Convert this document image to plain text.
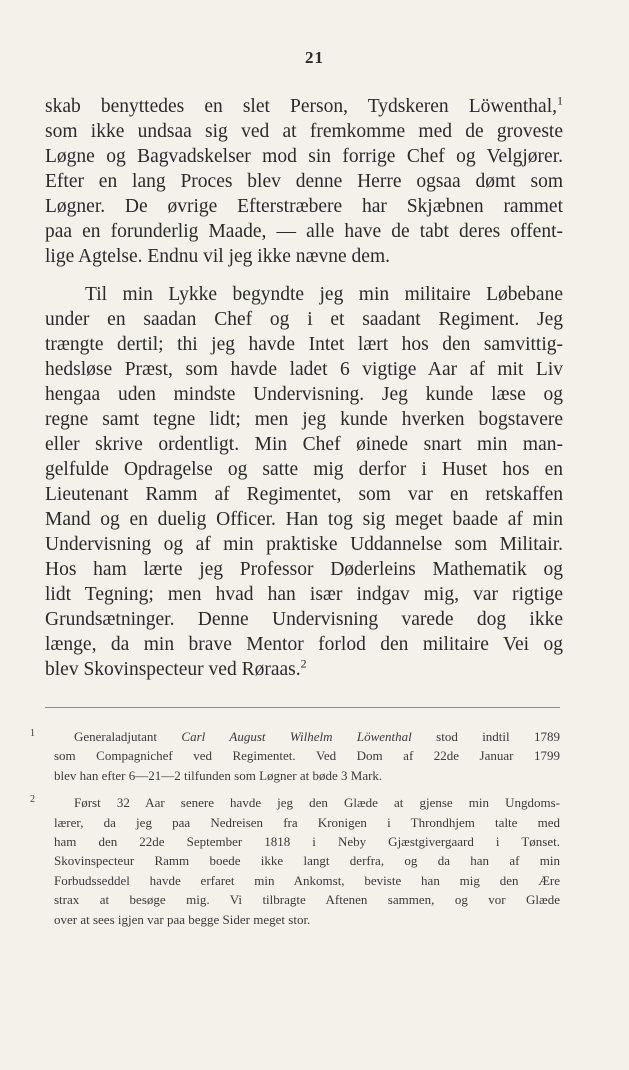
21
skab benyttedes en slet Person, Tydskeren Löwenthal,$^1$
som ikke undsaa sig ved at fremkomme med de groveste
Løgne og Bagvadskelser mod sin forrige Chef og Velgjører.
Efter en lang Proces blev denne Herre ogsaa dømt som
Løgner. De øvrige Efterstræbere har Skjæbnen rammet
paa en forunderlig Maade, — alle have de tabt deres offent-
lige Agtelse. Endnu vil jeg ikke nævne dem.
Til min Lykke begyndte jeg min militaire Løbebane
under en saadan Chef og i et saadant Regiment. Jeg
trængte dertil; thi jeg havde Intet lært hos den samvittig-
hedsløse Præst, som havde ladet 6 vigtige Aar af mit Liv
hengaa uden mindste Undervisning. Jeg kunde læse og
regne samt tegne lidt; men jeg kunde hverken bogstavere
eller skrive ordentligt. Min Chef øinede snart min man-
gelfulde Opdragelse og satte mig derfor i Huset hos en
Lieutenant Ramm af Regimentet, som var en retskaffen
Mand og en duelig Officer. Han tog sig meget baade af min
Undervisning og af min praktiske Uddannelse som Militair.
Hos ham lærte jeg Professor Døderleins Mathematik og
lidt Tegning; men hvad han især indgav mig, var rigtige
Grundsætninger. Denne Undervisning varede dog ikke
længe, da min brave Mentor forlod den militaire Vei og
blev Skovinspecteur ved Røraas.$^2$
1	Generaladjutant Carl August Wilhelm Löwenthal stod indtil 1789
som Compagnichef ved Regimentet. Ved Dom af 22de Januar 1799
blev han efter 6—21—2 tilfunden som Løgner at bøde 3 Mark.
2	Først 32 Aar senere havde jeg den Glæde at gjense min Ungdoms-
lærer, da jeg paa Nedreisen fra Kronigen i Throndhjem talte med
ham den 22de September 1818 i Neby Gjæstgivergaard i Tønset.
Skovinspecteur Ramm boede ikke langt derfra, og da han af min
Forbudsseddel havde erfaret min Ankomst, beviste han mig den Ære
strax at besøge mig. Vi tilbragte Aftenen sammen, og vor Glæde
over at sees igjen var paa begge Sider meget stor.
